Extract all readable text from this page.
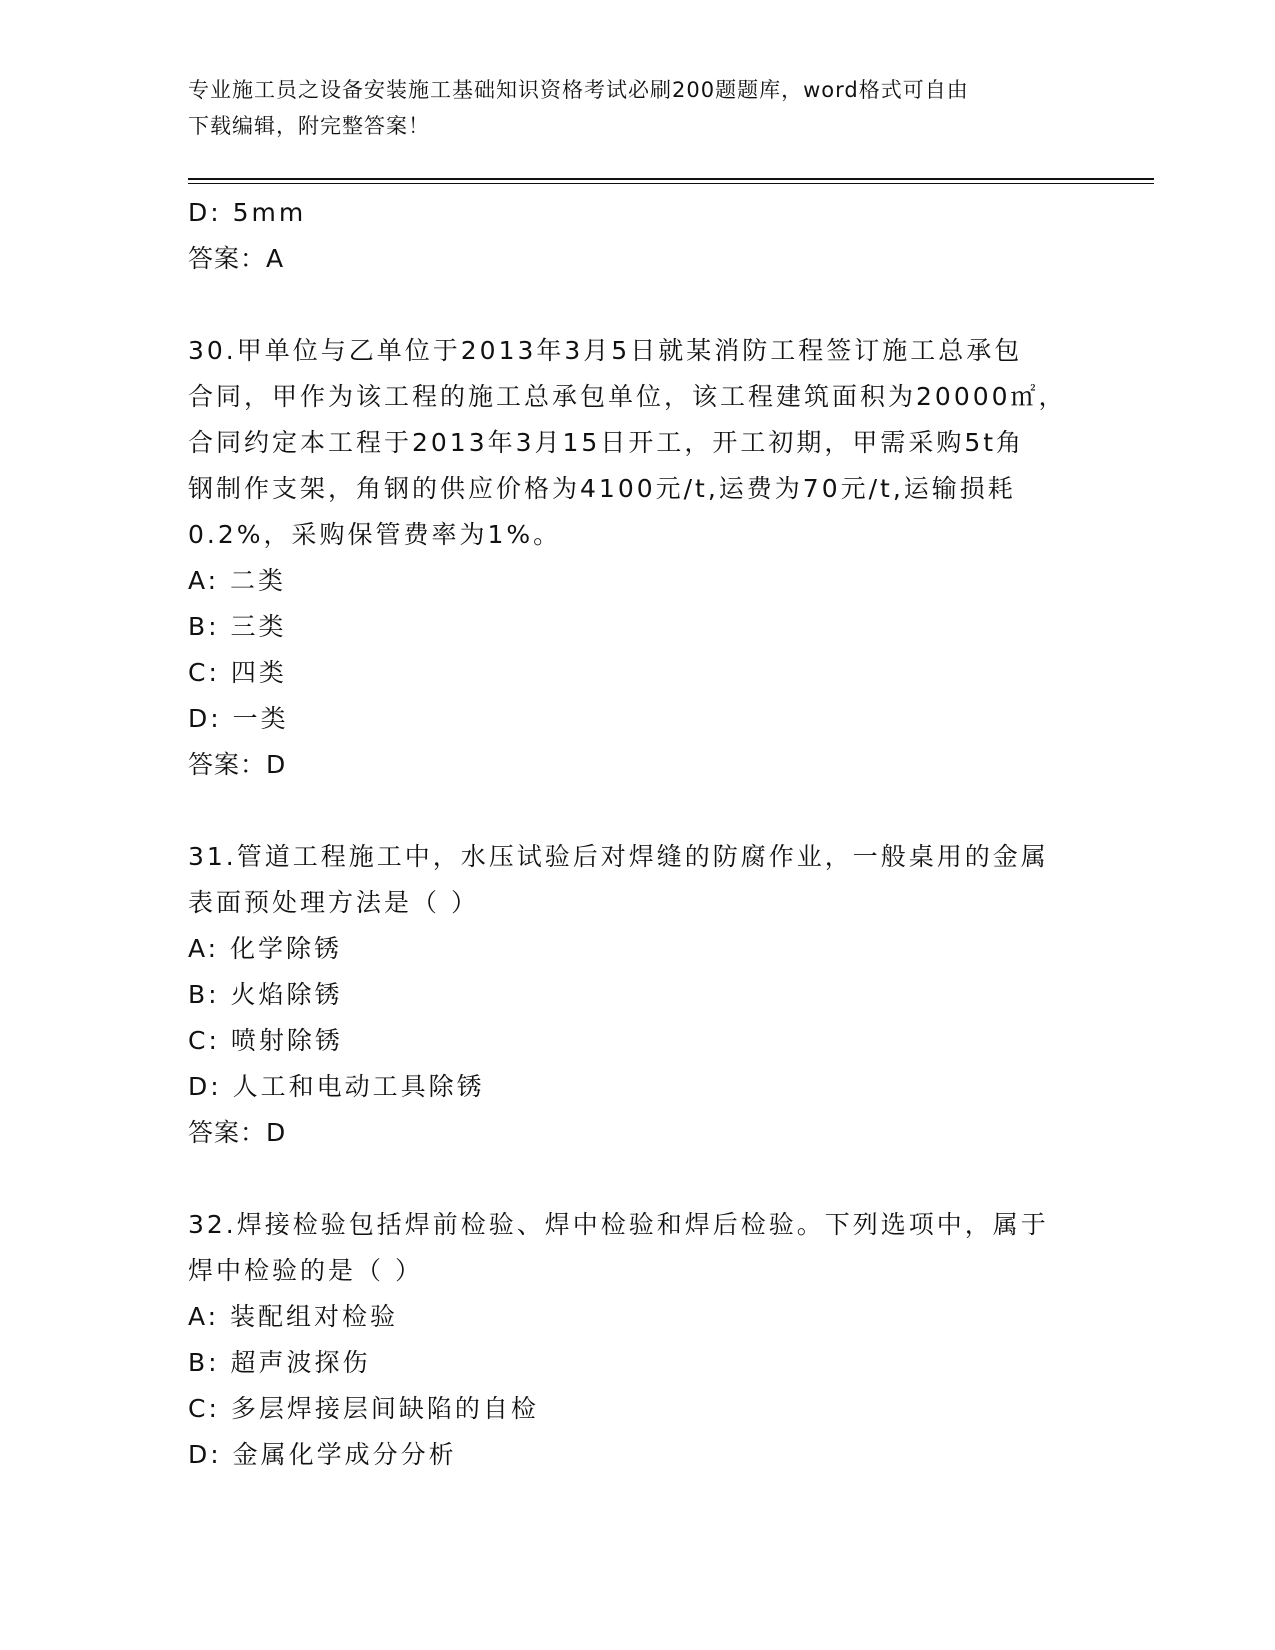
专业施工员之设备安装施工基础知识资格考试必刷200题题库，word格式可自由
下载编辑，附完整答案！
D: 5mm
答案：A
30.甲单位与乙单位于2013年3月5日就某消防工程签订施工总承包
合同，甲作为该工程的施工总承包单位，该工程建筑面积为20000㎡，
合同约定本工程于2013年3月15日开工，开工初期，甲需采购5t角
钢制作支架，角钢的供应价格为4100元/t,运费为70元/t,运输损耗
0.2%，采购保管费率为1%。
A: 二类
B: 三类
C: 四类
D: 一类
答案：D
31.管道工程施工中，水压试验后对焊缝的防腐作业，一般桌用的金属
表面预处理方法是（ ）
A: 化学除锈
B: 火焰除锈
C: 喷射除锈
D: 人工和电动工具除锈
答案：D
32.焊接检验包括焊前检验、焊中检验和焊后检验。下列选项中，属于
焊中检验的是（ ）
A: 装配组对检验
B: 超声波探伤
C: 多层焊接层间缺陷的自检
D: 金属化学成分分析
